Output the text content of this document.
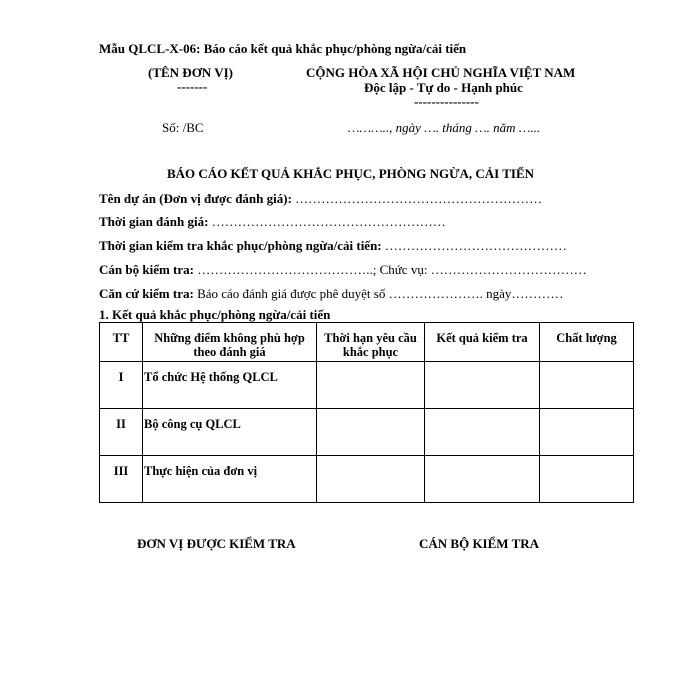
Mẫu QLCL-X-06: Báo cáo kết quả khắc phục/phòng ngừa/cải tiến
(TÊN ĐƠN VỊ)
-------
CỘNG HÒA XÃ HỘI CHỦ NGHĨA VIỆT NAM
Độc lập - Tự do - Hạnh phúc
---------------
Số: /BC	……….., ngày …. tháng …. năm …...
BÁO CÁO KẾT QUẢ KHẮC PHỤC, PHÒNG NGỪA, CẢI TIẾN
Tên dự án (Đơn vị được đánh giá): …………………………………………………
Thời gian đánh giá: ………………………………………………
Thời gian kiểm tra khắc phục/phòng ngừa/cải tiến: ……………………………………
Cán bộ kiểm tra: …………………………………..; Chức vụ: ………………………………
Căn cứ kiểm tra: Báo cáo đánh giá được phê duyệt số …………………. ngày…………
1. Kết quả khắc phục/phòng ngừa/cải tiến
TT	Những điểm không phù hợp theo đánh giá	Thời hạn yêu cầu khắc phục	Kết quả kiểm tra	Chất lượng
I	Tổ chức Hệ thống QLCL			
II	Bộ công cụ QLCL			
III	Thực hiện của đơn vị			
ĐƠN VỊ ĐƯỢC KIỂM TRA	CÁN BỘ KIỂM TRA
